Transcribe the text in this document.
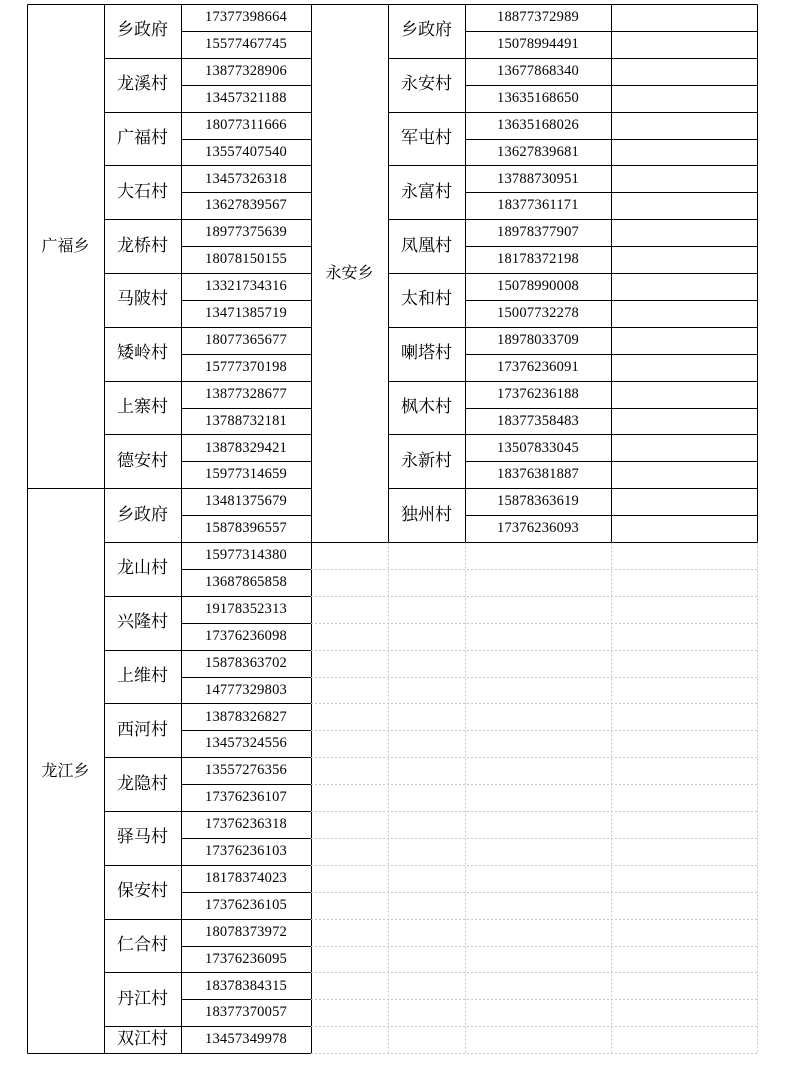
17377398664
15577467745
乡政府
13877328906
13457321188
龙溪村
18077311666
13557407540
广福村
13457326318
13627839567
大石村
18977375639
18078150155
龙桥村
13321734316
13471385719
马陂村
18077365677
15777370198
矮岭村
13877328677
13788732181
上寨村
13878329421
15977314659
德安村
广福乡
13481375679
15878396557
乡政府
15977314380
13687865858
龙山村
19178352313
17376236098
兴隆村
15878363702
14777329803
上维村
13878326827
13457324556
西河村
13557276356
17376236107
龙隐村
17376236318
17376236103
驿马村
18178374023
17376236105
保安村
18078373972
17376236095
仁合村
18378384315
18377370057
丹江村
13457349978
双江村
龙江乡
18877372989
15078994491
乡政府
13677868340
13635168650
永安村
13635168026
13627839681
军屯村
13788730951
18377361171
永富村
18978377907
18178372198
凤凰村
15078990008
15007732278
太和村
18978033709
17376236091
喇塔村
17376236188
18377358483
枫木村
13507833045
18376381887
永新村
15878363619
17376236093
独州村
永安乡
